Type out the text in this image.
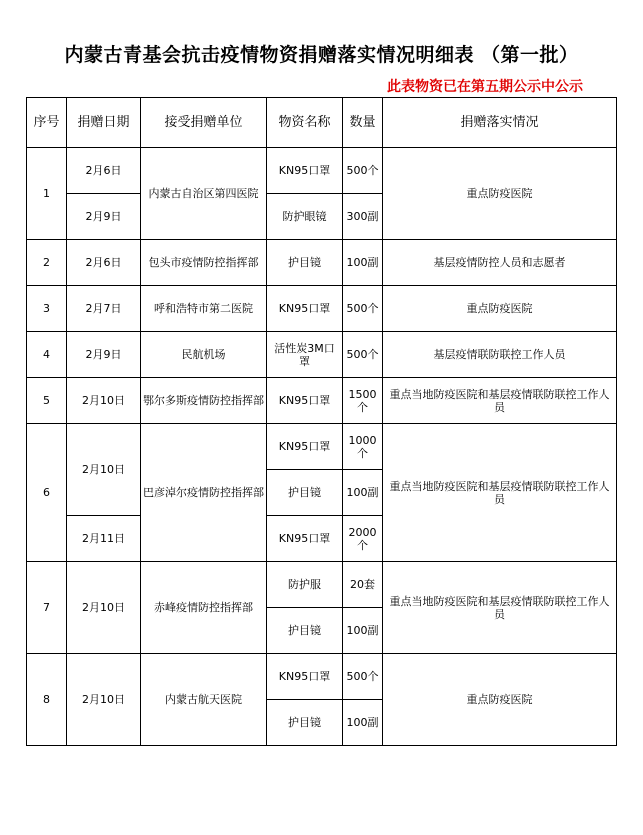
内蒙古青基会抗击疫情物资捐赠落实情况明细表 （第一批）
此表物资已在第五期公示中公示
序号	捐赠日期	接受捐赠单位	物资名称	数量	捐赠落实情况
1	2月6日	内蒙古自治区第四医院	KN95口罩	500个	重点防疫医院
	2月9日		防护眼镜	300副	
2	2月6日	包头市疫情防控指挥部	护目镜	100副	基层疫情防控人员和志愿者
3	2月7日	呼和浩特市第二医院	KN95口罩	500个	重点防疫医院
4	2月9日	民航机场	活性炭3M口罩	500个	基层疫情联防联控工作人员
5	2月10日	鄂尔多斯疫情防控指挥部	KN95口罩	1500个	重点当地防疫医院和基层疫情联防联控工作人员
6	2月10日	巴彦淖尔疫情防控指挥部	KN95口罩	1000个	重点当地防疫医院和基层疫情联防联控工作人员
			护目镜	100副	
	2月11日		KN95口罩	2000个	
7	2月10日	赤峰疫情防控指挥部	防护服	20套	重点当地防疫医院和基层疫情联防联控工作人员
			护目镜	100副	
8	2月10日	内蒙古航天医院	KN95口罩	500个	重点防疫医院
			护目镜	100副	
